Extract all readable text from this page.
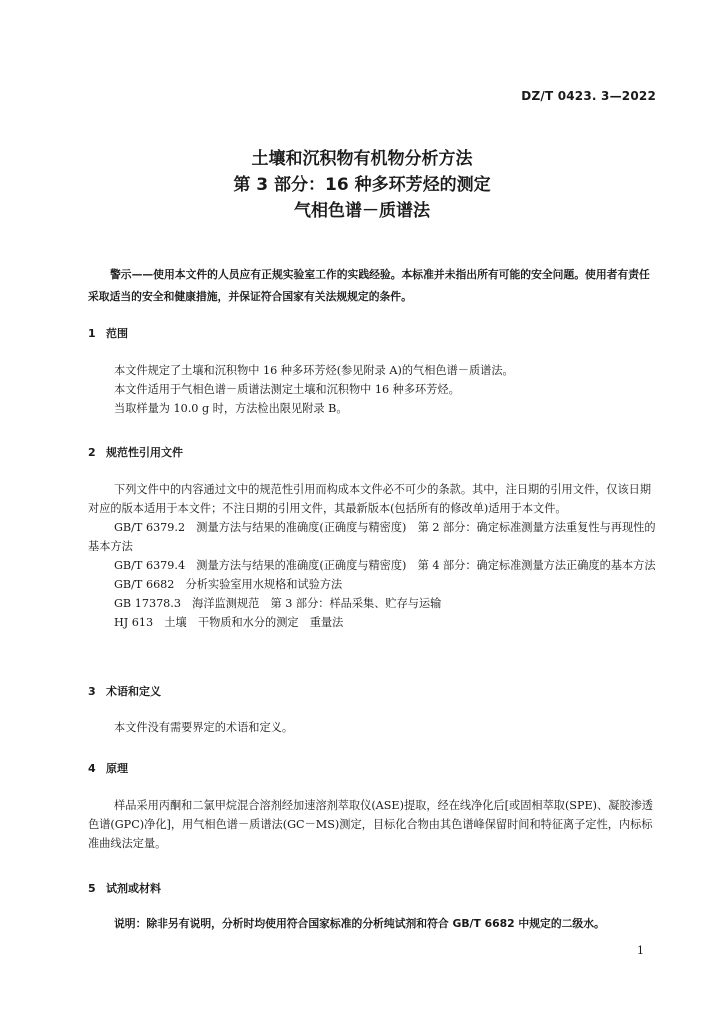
DZ/T 0423. 3—2022
土壤和沉积物有机物分析方法
第 3 部分：16 种多环芳烃的测定
气相色谱－质谱法
警示——使用本文件的人员应有正规实验室工作的实践经验。本标准并未指出所有可能的安全问题。使用者有责任采取适当的安全和健康措施，并保证符合国家有关法规规定的条件。
1 范围

本文件规定了土壤和沉积物中 16 种多环芳烃(参见附录 A)的气相色谱－质谱法。

本文件适用于气相色谱－质谱法测定土壤和沉积物中 16 种多环芳烃。

当取样量为 10.0 g 时，方法检出限见附录 B。

2 规范性引用文件

下列文件中的内容通过文中的规范性引用而构成本文件必不可少的条款。其中，注日期的引用文件，仅该日期对应的版本适用于本文件；不注日期的引用文件，其最新版本(包括所有的修改单)适用于本文件。

GB/T 6379.2　测量方法与结果的准确度(正确度与精密度)　第 2 部分：确定标准测量方法重复性与再现性的基本方法

GB/T 6379.4　测量方法与结果的准确度(正确度与精密度)　第 4 部分：确定标准测量方法正确度的基本方法

GB/T 6682　分析实验室用水规格和试验方法

GB 17378.3　海洋监测规范　第 3 部分：样品采集、贮存与运输

HJ 613　土壤　干物质和水分的测定　重量法

3 术语和定义
本文件没有需要界定的术语和定义。
4 原理
样品采用丙酮和二氯甲烷混合溶剂经加速溶剂萃取仪(ASE)提取，经在线净化后[或固相萃取(SPE)、凝胶渗透色谱(GPC)净化]，用气相色谱－质谱法(GC－MS)测定，目标化合物由其色谱峰保留时间和特征离子定性，内标标准曲线法定量。
5 试剂或材料
说明：除非另有说明，分析时均使用符合国家标准的分析纯试剂和符合 GB/T 6682 中规定的二级水。
1
